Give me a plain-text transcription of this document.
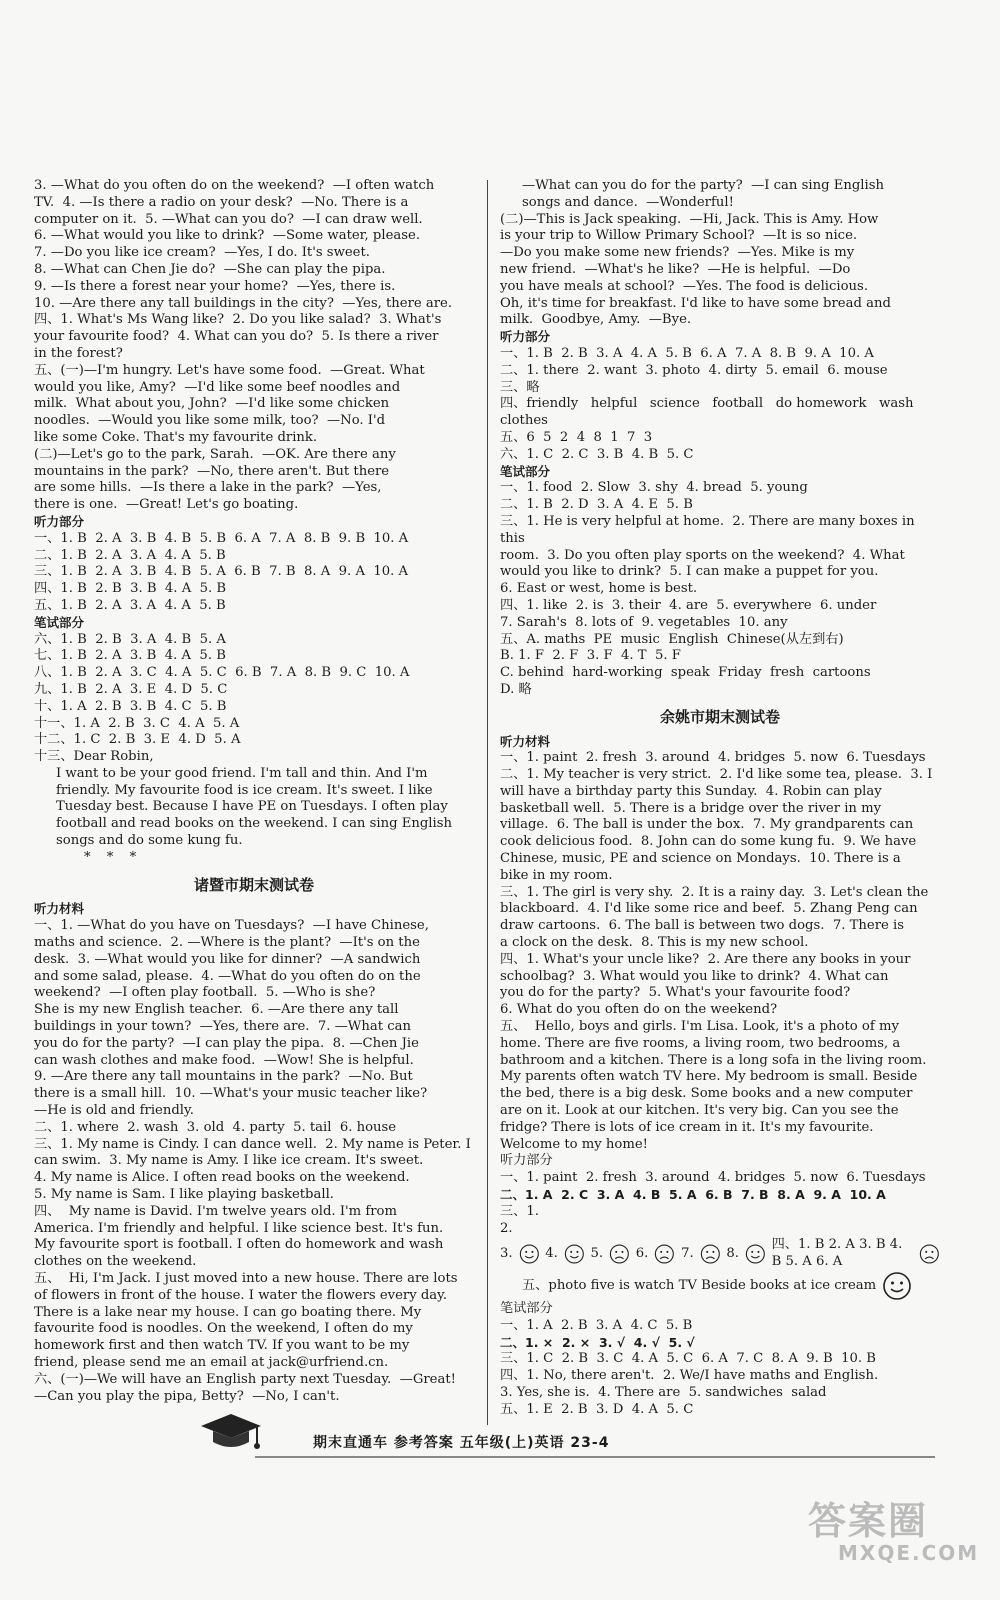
3. —What do you often do on the weekend?  —I often watch

TV.  4. —Is there a radio on your desk?  —No. There is a

computer on it.  5. —What can you do?  —I can draw well.

6. —What would you like to drink?  —Some water, please.

7. —Do you like ice cream?  —Yes, I do. It's sweet.

8. —What can Chen Jie do?  —She can play the pipa.

9. —Is there a forest near your home?  —Yes, there is.

10. —Are there any tall buildings in the city?  —Yes, there are.

四、1. What's Ms Wang like?  2. Do you like salad?  3. What's

your favourite food?  4. What can you do?  5. Is there a river

in the forest?

五、(一)—I'm hungry. Let's have some food.  —Great. What

would you like, Amy?  —I'd like some beef noodles and

milk.  What about you, John?  —I'd like some chicken

noodles.  —Would you like some milk, too?  —No. I'd

like some Coke. That's my favourite drink.

(二)—Let's go to the park, Sarah.  —OK. Are there any

mountains in the park?  —No, there aren't. But there

are some hills.  —Is there a lake in the park?  —Yes,

there is one.  —Great! Let's go boating.

听力部分

一、1. B  2. A  3. B  4. B  5. B  6. A  7. A  8. B  9. B  10. A

二、1. B  2. A  3. A  4. A  5. B

三、1. B  2. A  3. B  4. B  5. A  6. B  7. B  8. A  9. A  10. A

四、1. B  2. B  3. B  4. A  5. B

五、1. B  2. A  3. A  4. A  5. B

笔试部分

六、1. B  2. B  3. A  4. B  5. A

七、1. B  2. A  3. B  4. A  5. B

八、1. B  2. A  3. C  4. A  5. C  6. B  7. A  8. B  9. C  10. A

九、1. B  2. A  3. E  4. D  5. C

十、1. A  2. B  3. B  4. C  5. B

十一、1. A  2. B  3. C  4. A  5. A

十二、1. C  2. B  3. E  4. D  5. A

十三、Dear Robin,

I want to be your good friend. I'm tall and thin. And I'm

friendly. My favourite food is ice cream. It's sweet. I like

Tuesday best. Because I have PE on Tuesdays. I often play

football and read books on the weekend. I can sing English

songs and do some kung fu.

* * *

诸暨市期末测试卷

听力材料

一、1. —What do you have on Tuesdays?  —I have Chinese,

maths and science.  2. —Where is the plant?  —It's on the

desk.  3. —What would you like for dinner?  —A sandwich

and some salad, please.  4. —What do you often do on the

weekend?  —I often play football.  5. —Who is she?

She is my new English teacher.  6. —Are there any tall

buildings in your town?  —Yes, there are.  7. —What can

you do for the party?  —I can play the pipa.  8. —Chen Jie

can wash clothes and make food.  —Wow! She is helpful.

9. —Are there any tall mountains in the park?  —No. But

there is a small hill.  10. —What's your music teacher like?

—He is old and friendly.

二、1. where  2. wash  3. old  4. party  5. tail  6. house

三、1. My name is Cindy. I can dance well.  2. My name is Peter. I

can swim.  3. My name is Amy. I like ice cream. It's sweet.

4. My name is Alice. I often read books on the weekend.

5. My name is Sam. I like playing basketball.

四、  My name is David. I'm twelve years old. I'm from

America. I'm friendly and helpful. I like science best. It's fun.

My favourite sport is football. I often do homework and wash

clothes on the weekend.

五、  Hi, I'm Jack. I just moved into a new house. There are lots

of flowers in front of the house. I water the flowers every day.

There is a lake near my house. I can go boating there. My

favourite food is noodles. On the weekend, I often do my

homework first and then watch TV. If you want to be my

friend, please send me an email at jack@urfriend.cn.

六、(一)—We will have an English party next Tuesday.  —Great!

—Can you play the pipa, Betty?  —No, I can't.

—What can you do for the party?  —I can sing English

songs and dance.  —Wonderful!

(二)—This is Jack speaking.  —Hi, Jack. This is Amy. How

is your trip to Willow Primary School?  —It is so nice.

—Do you make some new friends?  —Yes. Mike is my

new friend.  —What's he like?  —He is helpful.  —Do

you have meals at school?  —Yes. The food is delicious.

Oh, it's time for breakfast. I'd like to have some bread and

milk.  Goodbye, Amy.  —Bye.

听力部分

一、1. B  2. B  3. A  4. A  5. B  6. A  7. A  8. B  9. A  10. A

二、1. there  2. want  3. photo  4. dirty  5. email  6. mouse

三、略

四、friendly   helpful   science   football   do homework   wash

clothes

五、6  5  2  4  8  1  7  3

六、1. C  2. C  3. B  4. B  5. C

笔试部分

一、1. food  2. Slow  3. shy  4. bread  5. young

二、1. B  2. D  3. A  4. E  5. B

三、1. He is very helpful at home.  2. There are many boxes in this

room.  3. Do you often play sports on the weekend?  4. What

would you like to drink?  5. I can make a puppet for you.

6. East or west, home is best.

四、1. like  2. is  3. their  4. are  5. everywhere  6. under

7. Sarah's  8. lots of  9. vegetables  10. any

五、A. maths  PE  music  English  Chinese(从左到右)

B. 1. F  2. F  3. F  4. T  5. F

C. behind  hard-working  speak  Friday  fresh  cartoons

D. 略

余姚市期末测试卷

听力材料

一、1. paint  2. fresh  3. around  4. bridges  5. now  6. Tuesdays

二、1. My teacher is very strict.  2. I'd like some tea, please.  3. I

will have a birthday party this Sunday.  4. Robin can play

basketball well.  5. There is a bridge over the river in my

village.  6. The ball is under the box.  7. My grandparents can

cook delicious food.  8. John can do some kung fu.  9. We have

Chinese, music, PE and science on Mondays.  10. There is a

bike in my room.

三、1. The girl is very shy.  2. It is a rainy day.  3. Let's clean the

blackboard.  4. I'd like some rice and beef.  5. Zhang Peng can

draw cartoons.  6. The ball is between two dogs.  7. There is

a clock on the desk.  8. This is my new school.

四、1. What's your uncle like?  2. Are there any books in your

schoolbag?  3. What would you like to drink?  4. What can

you do for the party?  5. What's your favourite food?

6. What do you often do on the weekend?

五、  Hello, boys and girls. I'm Lisa. Look, it's a photo of my

home. There are five rooms, a living room, two bedrooms, a

bathroom and a kitchen. There is a long sofa in the living room.

My parents often watch TV here. My bedroom is small. Beside

the bed, there is a big desk. Some books and a new computer

are on it. Look at our kitchen. It's very big. Can you see the

fridge? There is lots of ice cream in it. It's my favourite.

Welcome to my home!

听力部分

一、1. paint  2. fresh  3. around  4. bridges  5. now  6. Tuesdays

二、1. A  2. C  3. A  4. B  5. A  6. B  7. B  8. A  9. A  10. A

三、1.

2.

3. 4. 5. 6. 7. 8.
四、1. B 2. A 3. B 4. B 5. A 6. A
五、photo five is watch TV Beside books at ice cream

笔试部分

一、1. A  2. B  3. A  4. C  5. B

二、1. ×  2. ×  3. √  4. √  5. √

三、1. C  2. B  3. C  4. A  5. C  6. A  7. C  8. A  9. B  10. B

四、1. No, there aren't.  2. We/I have maths and English.

3. Yes, she is.  4. There are  5. sandwiches  salad

五、1. E  2. B  3. D  4. A  5. C

期末直通车 参考答案 五年级(上)英语 23-4
答案圈
MXQE.COM
